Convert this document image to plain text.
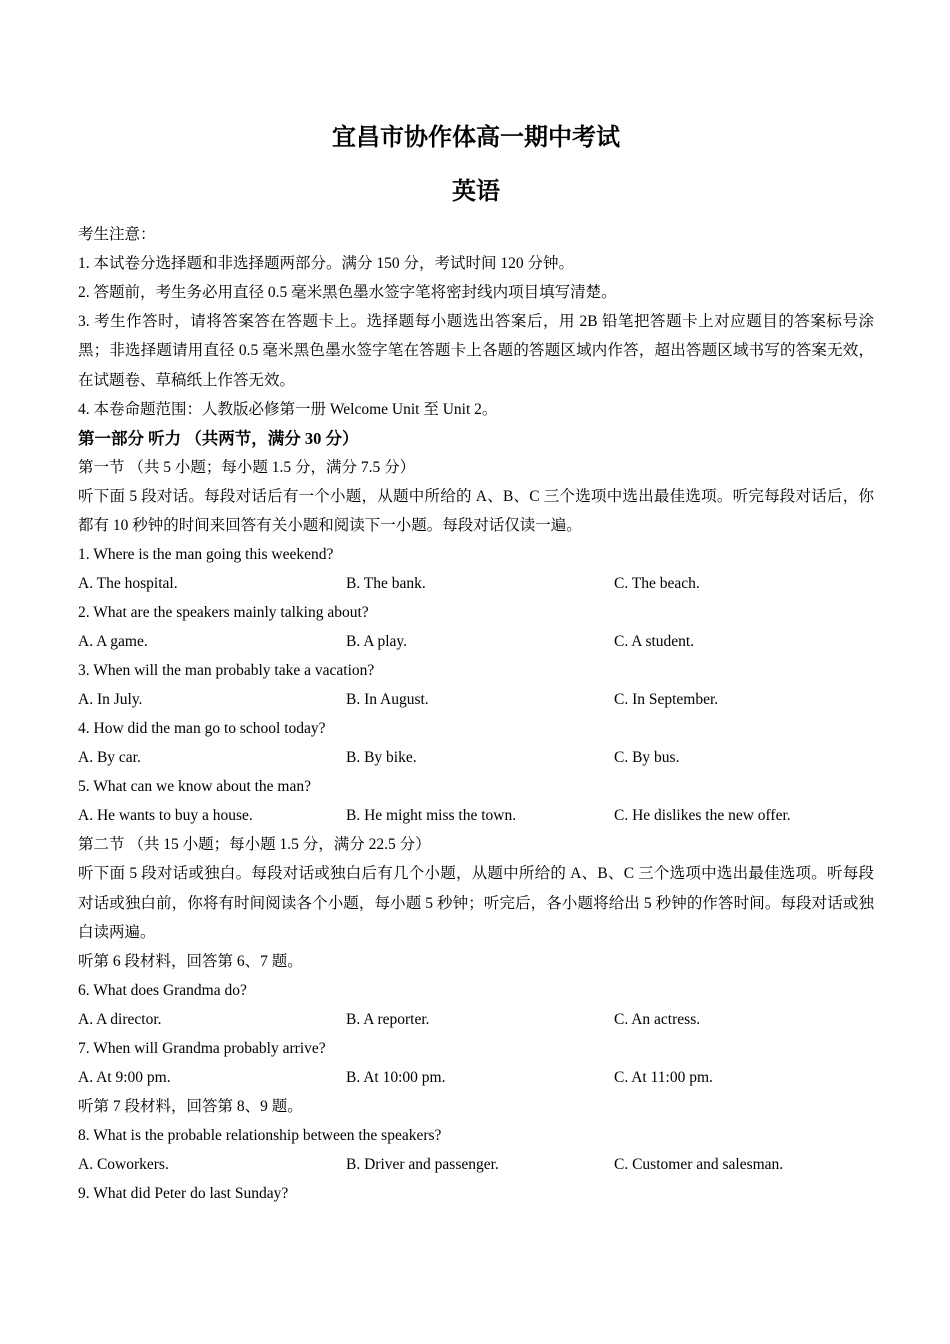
宜昌市协作体高一期中考试
英语

考生注意：

1. 本试卷分选择题和非选择题两部分。满分 150 分，考试时间 120 分钟。

2. 答题前，考生务必用直径 0.5 毫米黑色墨水签字笔将密封线内项目填写清楚。

3. 考生作答时，请将答案答在答题卡上。选择题每小题选出答案后，用 2B 铅笔把答题卡上对应题目的答案标号涂黑；非选择题请用直径 0.5 毫米黑色墨水签字笔在答题卡上各题的答题区域内作答，超出答题区域书写的答案无效，在试题卷、草稿纸上作答无效。

4. 本卷命题范围：人教版必修第一册 Welcome Unit 至 Unit 2。

第一部分 听力 （共两节，满分 30 分）

第一节 （共 5 小题；每小题 1.5 分，满分 7.5 分）

听下面 5 段对话。每段对话后有一个小题，从题中所给的 A、B、C 三个选项中选出最佳选项。听完每段对话后，你都有 10 秒钟的时间来回答有关小题和阅读下一小题。每段对话仅读一遍。

1. Where is the man going this weekend?

A. The hospital.	B. The bank.	C. The beach.

2. What are the speakers mainly talking about?

A. A game.	B. A play.	C. A student.

3. When will the man probably take a vacation?

A. In July.	B. In August.	C. In September.

4. How did the man go to school today?

A. By car.	B. By bike.	C. By bus.

5. What can we know about the man?

A. He wants to buy a house.	B. He might miss the town.	C. He dislikes the new offer.

第二节 （共 15 小题；每小题 1.5 分，满分 22.5 分）

听下面 5 段对话或独白。每段对话或独白后有几个小题，从题中所给的 A、B、C 三个选项中选出最佳选项。听每段对话或独白前，你将有时间阅读各个小题，每小题 5 秒钟；听完后，各小题将给出 5 秒钟的作答时间。每段对话或独白读两遍。

听第 6 段材料，回答第 6、7 题。

6. What does Grandma do?

A. A director.	B. A reporter.	C. An actress.

7. When will Grandma probably arrive?

A. At 9:00 pm.	B. At 10:00 pm.	C. At 11:00 pm.

听第 7 段材料，回答第 8、9 题。

8. What is the probable relationship between the speakers?

A. Coworkers.	B. Driver and passenger.	C. Customer and salesman.

9. What did Peter do last Sunday?
